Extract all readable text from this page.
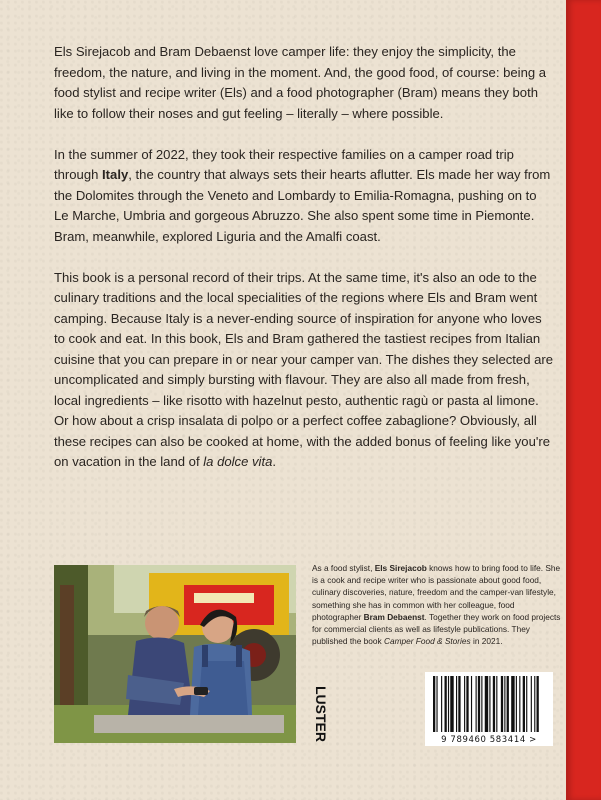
Els Sirejacob and Bram Debaenst love camper life: they enjoy the simplicity, the freedom, the nature, and living in the moment. And, the good food, of course: being a food stylist and recipe writer (Els) and a food photographer (Bram) means they both like to follow their noses and gut feeling – literally – where possible.

In the summer of 2022, they took their respective families on a camper road trip through Italy, the country that always sets their hearts aflutter. Els made her way from the Dolomites through the Veneto and Lombardy to Emilia-Romagna, pushing on to Le Marche, Umbria and gorgeous Abruzzo. She also spent some time in Piemonte. Bram, meanwhile, explored Liguria and the Amalfi coast.

This book is a personal record of their trips. At the same time, it's also an ode to the culinary traditions and the local specialities of the regions where Els and Bram went camping. Because Italy is a never-ending source of inspiration for anyone who loves to cook and eat. In this book, Els and Bram gathered the tastiest recipes from Italian cuisine that you can prepare in or near your camper van. The dishes they selected are uncomplicated and simply bursting with flavour. They are also all made from fresh, local ingredients – like risotto with hazelnut pesto, authentic ragù or pasta al limone. Or how about a crisp insalata di polpo or a perfect coffee zabaglione? Obviously, all these recipes can also be cooked at home, with the added bonus of feeling like you're on vacation in the land of la dolce vita.

As a food stylist, Els Sirejacob knows how to bring food to life. She is a cook and recipe writer who is passionate about good food, culinary discoveries, nature, freedom and the camper-van lifestyle, something she has in common with her colleague, food photographer Bram Debaenst. Together they work on food projects for commercial clients as well as lifestyle publications. They published the book Camper Food & Stories in 2021.
LUSTER	9 789460 583414 >
